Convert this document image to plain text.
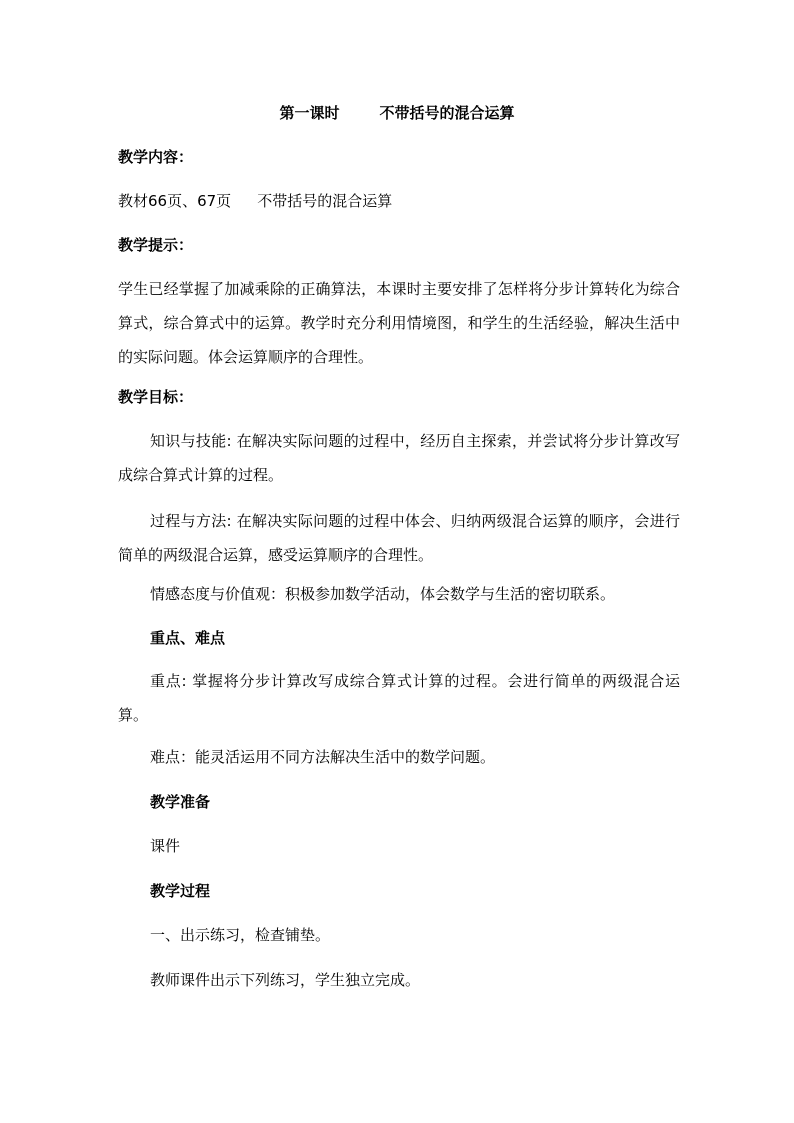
第一课时	不带括号的混合运算
教学内容：
教材66页、67页 不带括号的混合运算
教学提示：
学生已经掌握了加减乘除的正确算法，本课时主要安排了怎样将分步计算转化为综合算式，综合算式中的运算。教学时充分利用情境图，和学生的生活经验，解决生活中的实际问题。体会运算顺序的合理性。
教学目标：
知识与技能: 在解决实际问题的过程中，经历自主探索，并尝试将分步计算改写成综合算式计算的过程。
过程与方法: 在解决实际问题的过程中体会、归纳两级混合运算的顺序，会进行简单的两级混合运算，感受运算顺序的合理性。
情感态度与价值观：积极参加数学活动，体会数学与生活的密切联系。
重点、难点
重点: 掌握将分步计算改写成综合算式计算的过程。会进行简单的两级混合运算。
难点：能灵活运用不同方法解决生活中的数学问题。
教学准备
课件
教学过程
一、出示练习，检查铺垫。
教师课件出示下列练习，学生独立完成。
